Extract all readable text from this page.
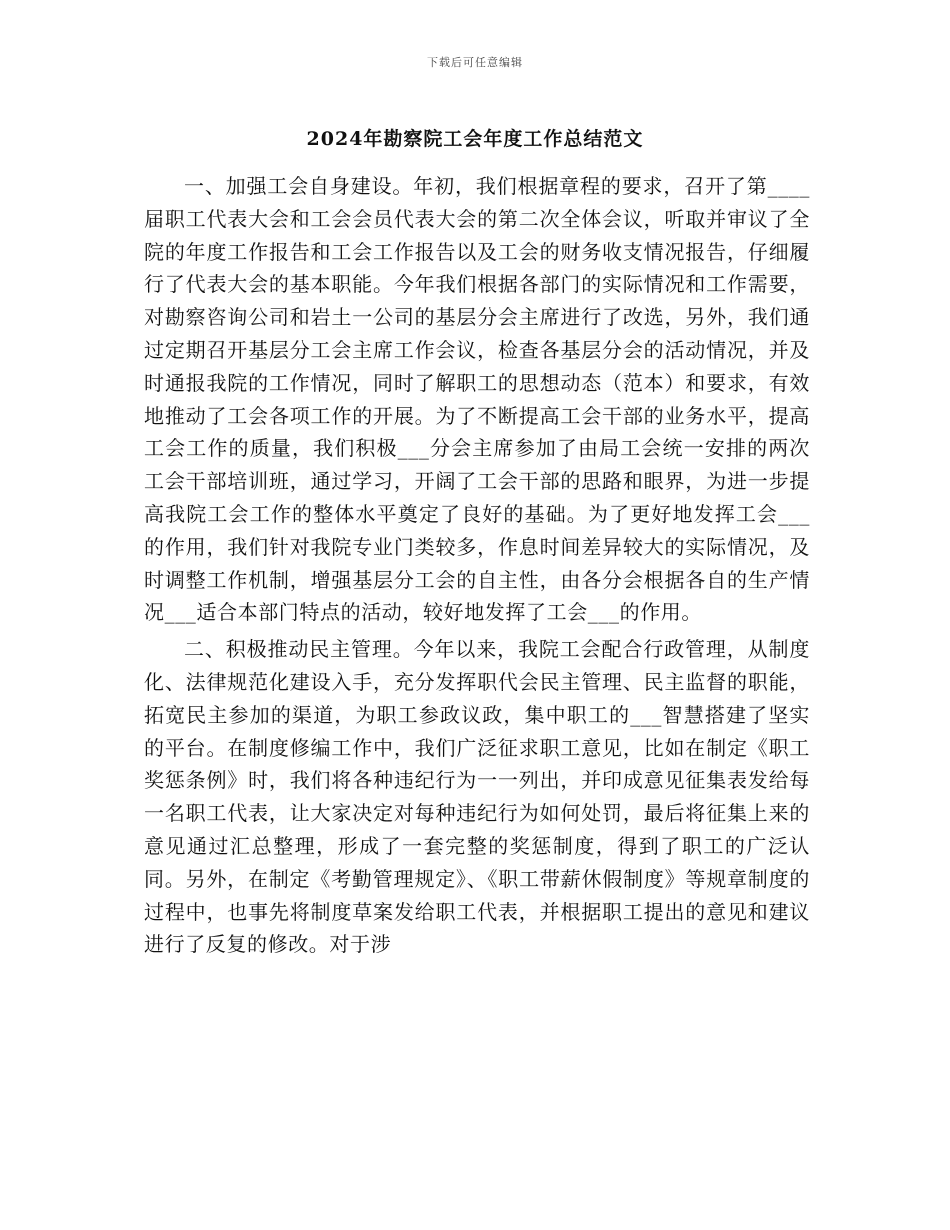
下载后可任意编辑
2024年勘察院工会年度工作总结范文

一、加强工会自身建设。年初，我们根据章程的要求，召开了第____届职工代表大会和工会会员代表大会的第二次全体会议，听取并审议了全院的年度工作报告和工会工作报告以及工会的财务收支情况报告，仔细履行了代表大会的基本职能。今年我们根据各部门的实际情况和工作需要，对勘察咨询公司和岩土一公司的基层分会主席进行了改选，另外，我们通过定期召开基层分工会主席工作会议，检查各基层分会的活动情况，并及时通报我院的工作情况，同时了解职工的思想动态（范本）和要求，有效地推动了工会各项工作的开展。为了不断提高工会干部的业务水平，提高工会工作的质量，我们积极___分会主席参加了由局工会统一安排的两次工会干部培训班，通过学习，开阔了工会干部的思路和眼界，为进一步提高我院工会工作的整体水平奠定了良好的基础。为了更好地发挥工会___的作用，我们针对我院专业门类较多，作息时间差异较大的实际情况，及时调整工作机制，增强基层分工会的自主性，由各分会根据各自的生产情况___适合本部门特点的活动，较好地发挥了工会___的作用。

二、积极推动民主管理。今年以来，我院工会配合行政管理，从制度化、法律规范化建设入手，充分发挥职代会民主管理、民主监督的职能，拓宽民主参加的渠道，为职工参政议政，集中职工的___智慧搭建了坚实的平台。在制度修编工作中，我们广泛征求职工意见，比如在制定《职工奖惩条例》时，我们将各种违纪行为一一列出，并印成意见征集表发给每一名职工代表，让大家决定对每种违纪行为如何处罚，最后将征集上来的意见通过汇总整理，形成了一套完整的奖惩制度，得到了职工的广泛认同。另外，在制定《考勤管理规定》、《职工带薪休假制度》等规章制度的过程中，也事先将制度草案发给职工代表，并根据职工提出的意见和建议进行了反复的修改。对于涉
